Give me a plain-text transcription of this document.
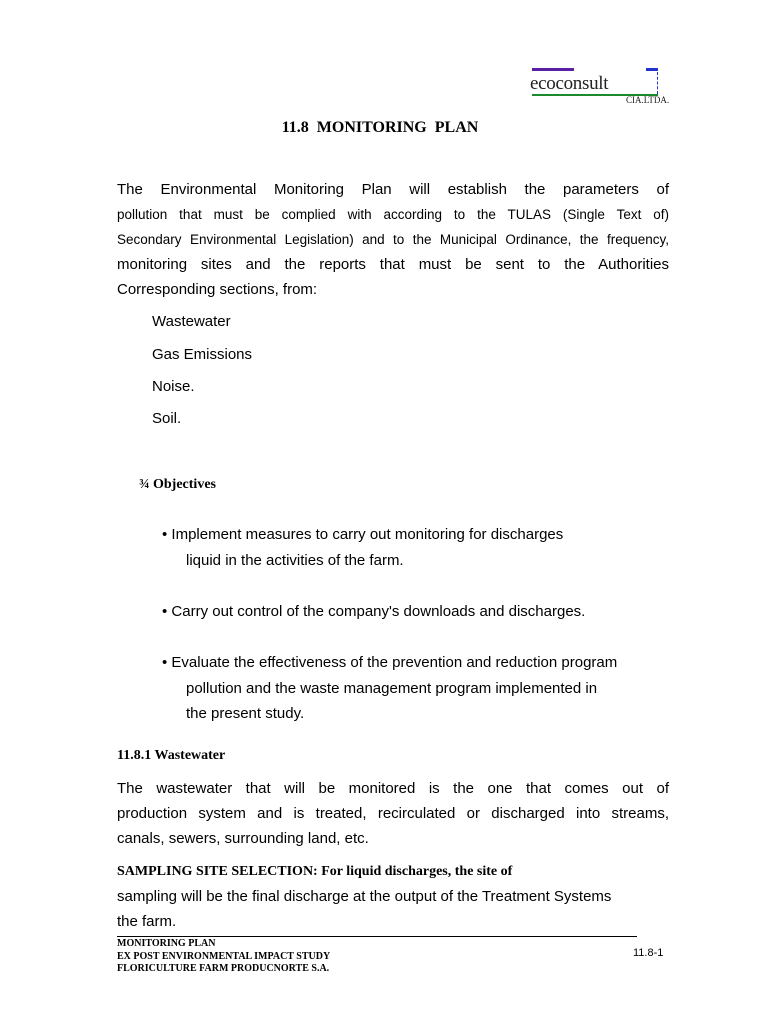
ecoconsult
CIA.LTDA.
11.8 MONITORING PLAN
The Environmental Monitoring Plan will establish the parameters of
pollution that must be complied with according to the TULAS (Single Text of)
Secondary Environmental Legislation) and to the Municipal Ordinance, the frequency,
monitoring sites and the reports that must be sent to the Authorities
Corresponding sections, from:
Wastewater
Gas Emissions
Noise.
Soil.
¾ Objectives
• Implement measures to carry out monitoring for discharges
liquid in the activities of the farm.
• Carry out control of the company's downloads and discharges.
• Evaluate the effectiveness of the prevention and reduction program
pollution and the waste management program implemented in
the present study.
11.8.1 Wastewater
The wastewater that will be monitored is the one that comes out of
production system and is treated, recirculated or discharged into streams,
canals, sewers, surrounding land, etc.
SAMPLING SITE SELECTION: For liquid discharges, the site of
sampling will be the final discharge at the output of the Treatment Systems
the farm.
MONITORING PLAN
EX POST ENVIRONMENTAL IMPACT STUDY
FLORICULTURE FARM PRODUCNORTE S.A.
11.8-1
